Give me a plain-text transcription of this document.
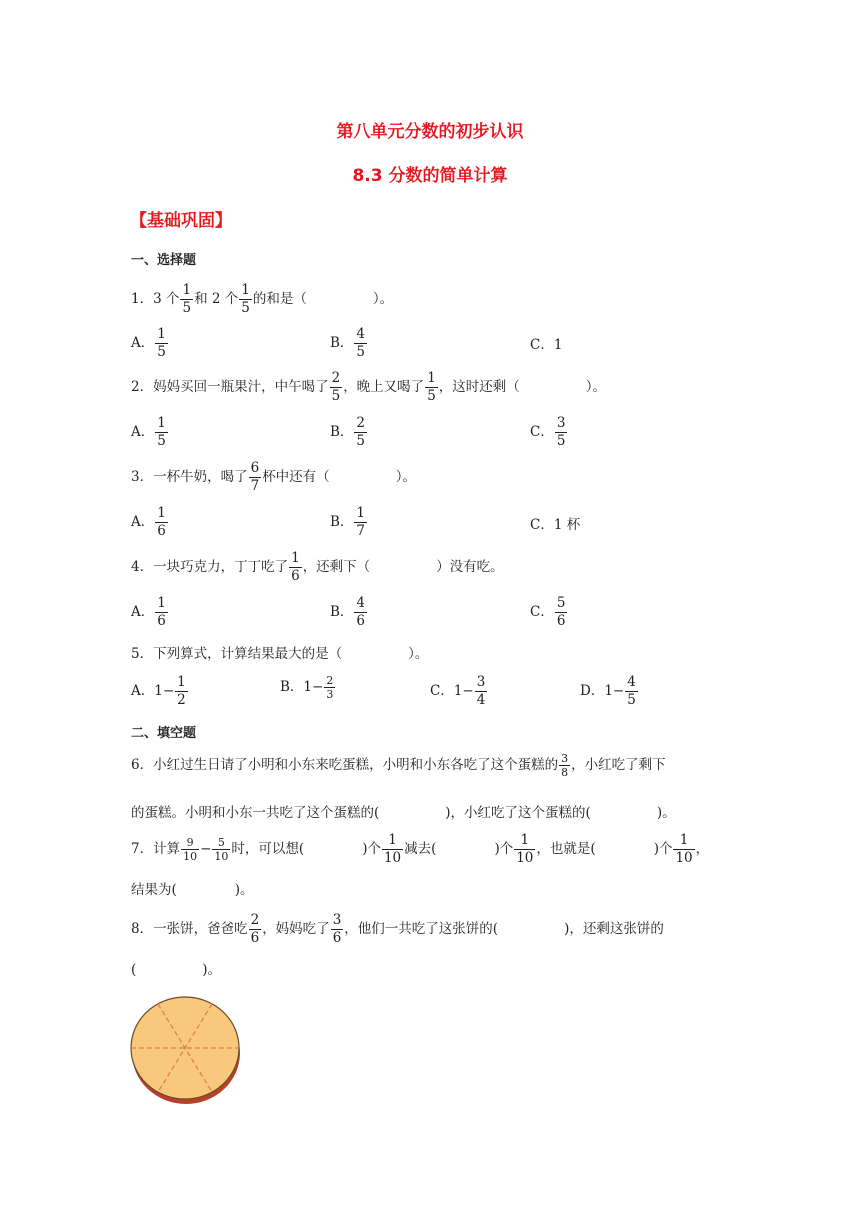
第八单元分数的初步认识
8.3 分数的简单计算
【基础巩固】
一、选择题
1．3 个 $\frac{1}{5}$ 和 2 个 $\frac{1}{5}$ 的和是（	）。
A． $\frac{1}{5}$	B． $\frac{4}{5}$	C．1
2．妈妈买回一瓶果汁，中午喝了 $\frac{2}{5}$ ，晚上又喝了 $\frac{1}{5}$ ，这时还剩（	）。
A． $\frac{1}{5}$	B． $\frac{2}{5}$	C． $\frac{3}{5}$
3．一杯牛奶，喝了 $\frac{6}{7}$ 杯中还有（	）。
A． $\frac{1}{6}$	B． $\frac{1}{7}$	C．1 杯
4．一块巧克力，丁丁吃了 $\frac{1}{6}$ ，还剩下（	）没有吃。
A． $\frac{1}{6}$	B． $\frac{4}{6}$	C． $\frac{5}{6}$
5．下列算式，计算结果最大的是（	）。
A．$1- \frac{1}{2}$	B．$1- \frac{2}{3}$	C．$1- \frac{3}{4}$	D．$1- \frac{4}{5}$
二、填空题
6．小红过生日请了小明和小东来吃蛋糕，小明和小东各吃了这个蛋糕的 $\frac{3}{8}$ ，小红吃了剩下
的蛋糕。小明和小东一共吃了这个蛋糕的(	)，小红吃了这个蛋糕的(	)。
7．计算 $\frac{9}{10} - \frac{5}{10}$ 时，可以想(	)个 $\frac{1}{10}$ 减去(	)个 $\frac{1}{10}$ ，也就是(	)个 $\frac{1}{10}$ ，
结果为(	)。
8．一张饼，爸爸吃 $\frac{2}{6}$ ，妈妈吃了 $\frac{3}{6}$ ，他们一共吃了这张饼的(	)，还剩这张饼的
(	)。
